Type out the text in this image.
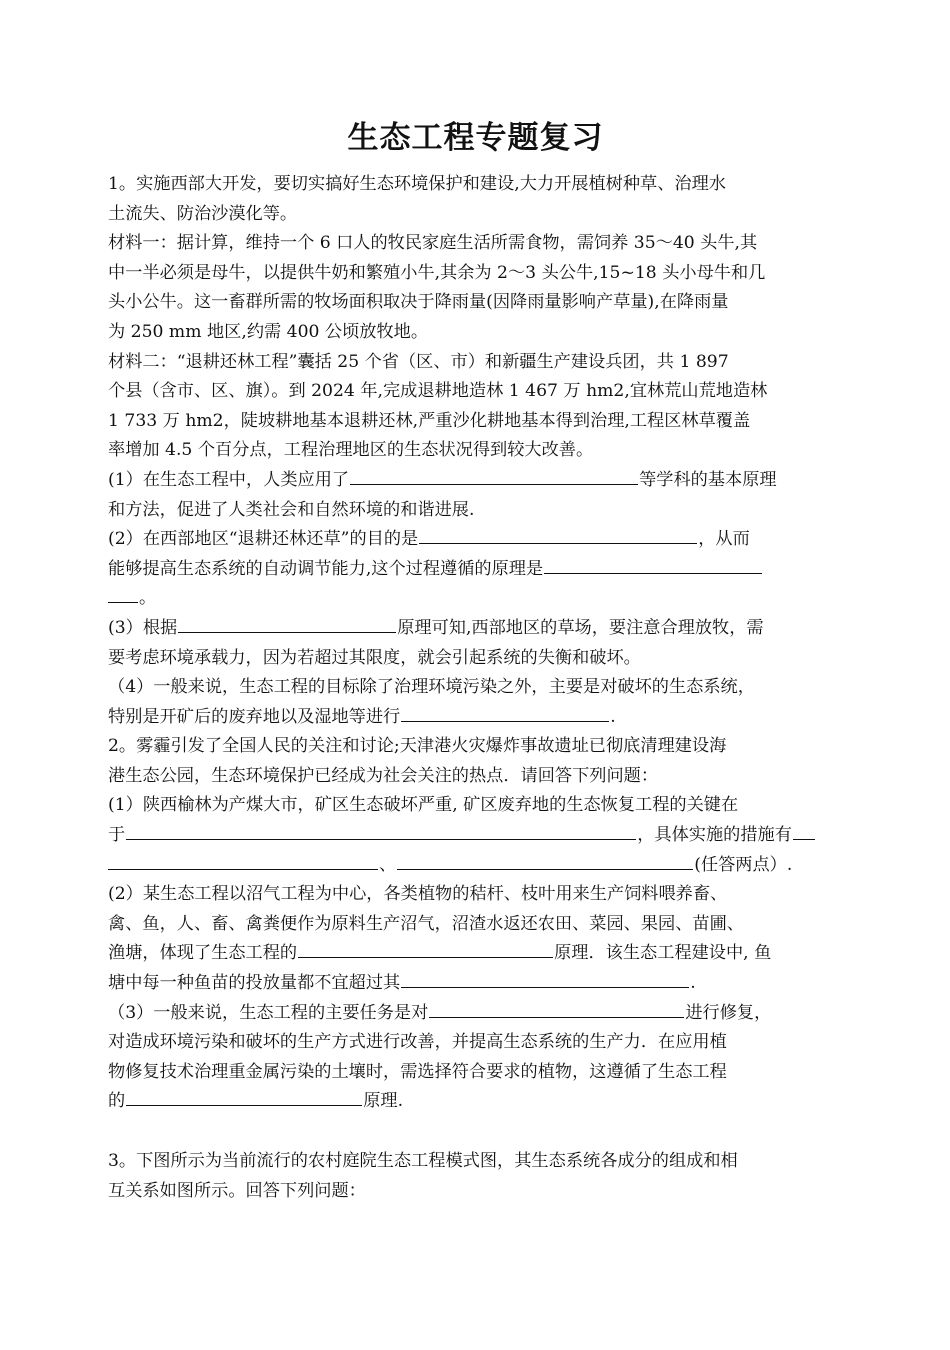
生态工程专题复习
1。实施西部大开发，要切实搞好生态环境保护和建设,大力开展植树种草、治理水
土流失、防治沙漠化等。
材料一：据计算，维持一个 6 口人的牧民家庭生活所需食物，需饲养 35～40 头牛,其
中一半必须是母牛，以提供牛奶和繁殖小牛,其余为 2～3 头公牛,15~18 头小母牛和几
头小公牛。这一畜群所需的牧场面积取决于降雨量(因降雨量影响产草量),在降雨量
为 250 mm 地区,约需 400 公顷放牧地。
材料二：“退耕还林工程”囊括 25 个省（区、市）和新疆生产建设兵团，共 1 897
个县（含市、区、旗）。到 2024 年,完成退耕地造林 1 467 万 hm2,宜林荒山荒地造林
1 733 万 hm2，陡坡耕地基本退耕还林,严重沙化耕地基本得到治理,工程区林草覆盖
率增加 4.5 个百分点，工程治理地区的生态状况得到较大改善。
(1）在生态工程中，人类应用了	等学科的基本原理
和方法，促进了人类社会和自然环境的和谐进展.
(2）在西部地区“退耕还林还草”的目的是	，从而
能够提高生态系统的自动调节能力,这个过程遵循的原理是
。
(3）根据	原理可知,西部地区的草场，要注意合理放牧，需
要考虑环境承载力，因为若超过其限度，就会引起系统的失衡和破坏。
（4）一般来说，生态工程的目标除了治理环境污染之外，主要是对破坏的生态系统，
特别是开矿后的废弃地以及湿地等进行	.
2。雾霾引发了全国人民的关注和讨论;天津港火灾爆炸事故遗址已彻底清理建设海
港生态公园，生态环境保护已经成为社会关注的热点．请回答下列问题：
(1）陕西榆林为产煤大市，矿区生态破坏严重, 矿区废弃地的生态恢复工程的关键在
于	，具体实施的措施有
、	(任答两点）.
(2）某生态工程以沼气工程为中心，各类植物的秸杆、枝叶用来生产饲料喂养畜、
禽、鱼，人、畜、禽粪便作为原料生产沼气，沼渣水返还农田、菜园、果园、苗圃、
渔塘，体现了生态工程的	原理．该生态工程建设中, 鱼
塘中每一种鱼苗的投放量都不宜超过其	.
（3）一般来说，生态工程的主要任务是对	进行修复，
对造成环境污染和破坏的生产方式进行改善，并提高生态系统的生产力．在应用植
物修复技术治理重金属污染的土壤时，需选择符合要求的植物，这遵循了生态工程
的	原理.
3。下图所示为当前流行的农村庭院生态工程模式图，其生态系统各成分的组成和相
互关系如图所示。回答下列问题：
